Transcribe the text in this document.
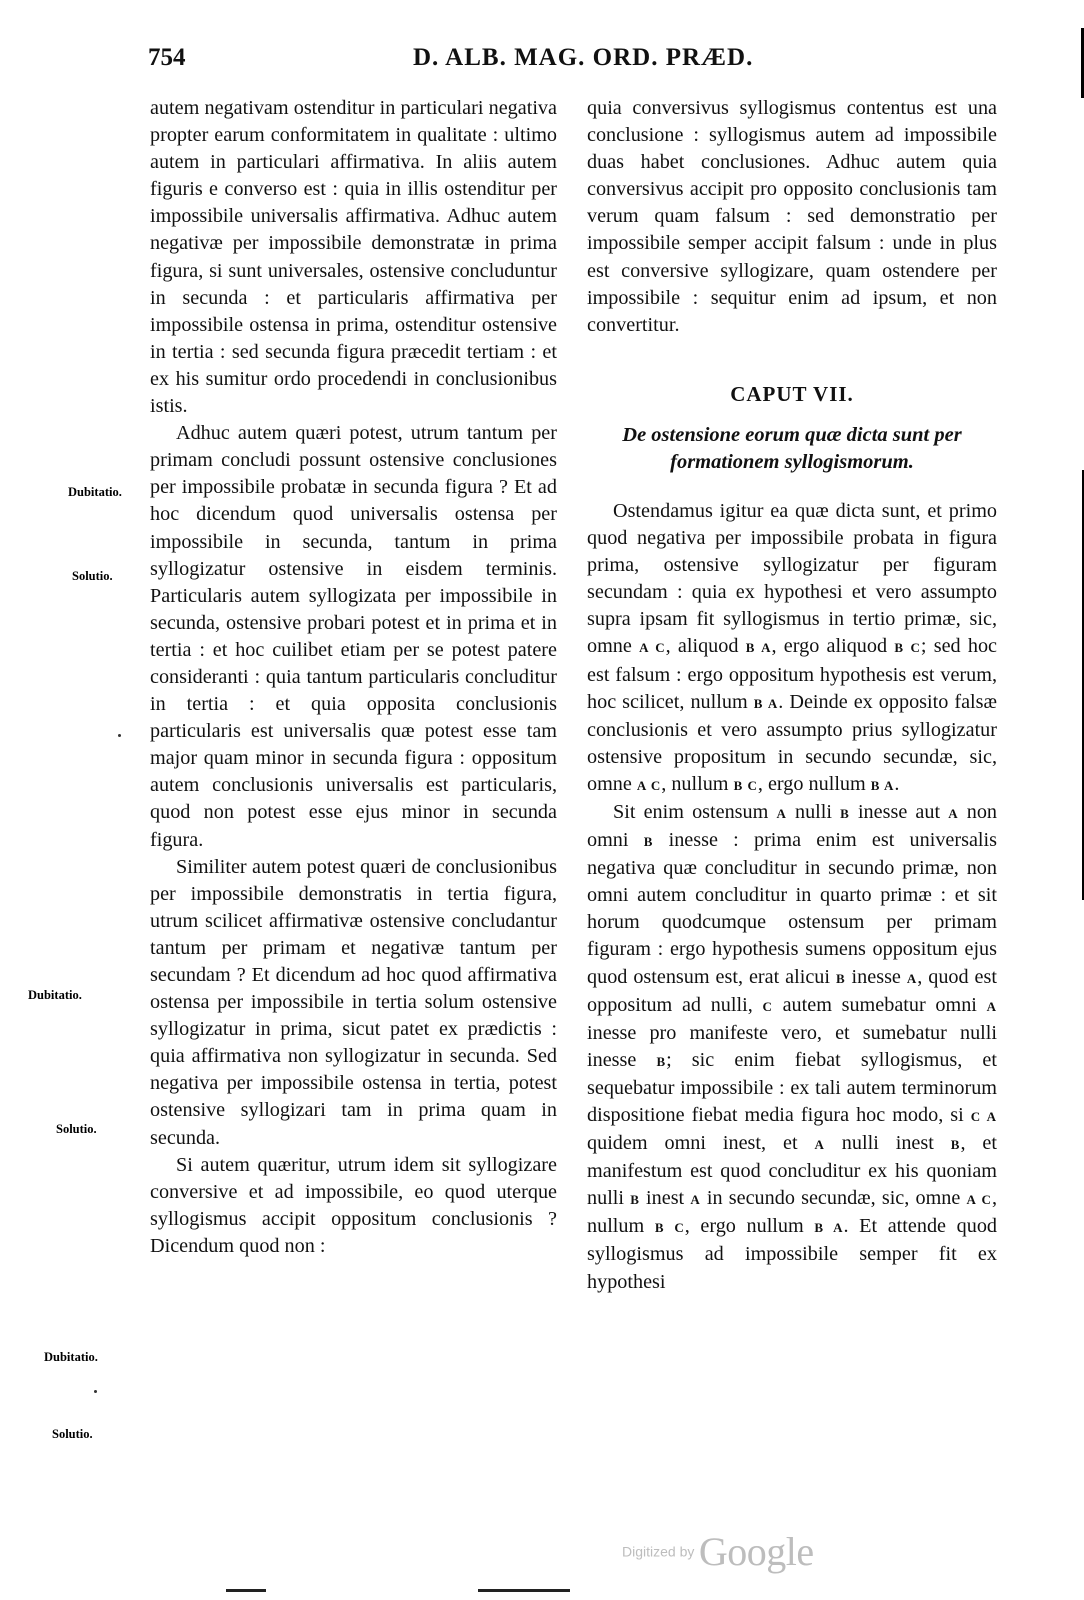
754	D. ALB. MAG. ORD. PRÆD.
Dubitatio.
Solutio.
Dubitatio.
Solutio.
Dubitatio.
Solutio.

autem negativam ostenditur in particulari negativa propter earum conformitatem in qualitate : ultimo autem in particulari affirmativa. In aliis autem figuris e converso est : quia in illis ostenditur per impossibile universalis affirmativa. Adhuc autem negativæ per impossibile demonstratæ in prima figura, si sunt universales, ostensive concluduntur in secunda : et particularis affirmativa per impossibile ostensa in prima, ostenditur ostensive in tertia : sed secunda figura præcedit tertiam : et ex his sumitur ordo procedendi in conclusionibus istis.

Adhuc autem quæri potest, utrum tantum per primam concludi possunt ostensive conclusiones per impossibile probatæ in secunda figura ? Et ad hoc dicendum quod universalis ostensa per impossibile in secunda, tantum in prima syllogizatur ostensive in eisdem terminis. Particularis autem syllogizata per impossibile in secunda, ostensive probari potest et in prima et in tertia : et hoc cuilibet etiam per se potest patere consideranti : quia tantum particularis concluditur in tertia : et quia opposita conclusionis particularis est universalis quæ potest esse tam major quam minor in secunda figura : oppositum autem conclusionis universalis est particularis, quod non potest esse ejus minor in secunda figura.

Similiter autem potest quæri de conclusionibus per impossibile demonstratis in tertia figura, utrum scilicet affirmativæ ostensive concludantur tantum per primam et negativæ tantum per secundam ? Et dicendum ad hoc quod affirmativa ostensa per impossibile in tertia solum ostensive syllogizatur in prima, sicut patet ex prædictis : quia affirmativa non syllogizatur in secunda. Sed negativa per impossibile ostensa in tertia, potest ostensive syllogizari tam in prima quam in secunda.

Si autem quæritur, utrum idem sit syllogizare conversive et ad impossibile, eo quod uterque syllogismus accipit oppositum conclusionis ? Dicendum quod non :

quia conversivus syllogismus contentus est una conclusione : syllogismus autem ad impossibile duas habet conclusiones. Adhuc autem quia conversivus accipit pro opposito conclusionis tam verum quam falsum : sed demonstratio per impossibile semper accipit falsum : unde in plus est conversive syllogizare, quam ostendere per impossibile : sequitur enim ad ipsum, et non convertitur.

CAPUT VII.

De ostensione eorum quæ dicta sunt per formationem syllogismorum.

Ostendamus igitur ea quæ dicta sunt, et primo quod negativa per impossibile probata in figura prima, ostensive syllogizatur per figuram secundam : quia ex hypothesi et vero assumpto supra ipsam fit syllogismus in tertio primæ, sic, omne A C, aliquod B A, ergo aliquod B C; sed hoc est falsum : ergo oppositum hypothesis est verum, hoc scilicet, nullum B A. Deinde ex opposito falsæ conclusionis et vero assumpto prius syllogizatur ostensive propositum in secundo secundæ, sic, omne A C, nullum B C, ergo nullum B A.

Sit enim ostensum A nulli B inesse aut A non omni B inesse : prima enim est universalis negativa quæ concluditur in secundo primæ, non omni autem concluditur in quarto primæ : et sit horum quodcumque ostensum per primam figuram : ergo hypothesis sumens oppositum ejus quod ostensum est, erat alicui B inesse A, quod est oppositum ad nulli, C autem sumebatur omni A inesse pro manifeste vero, et sumebatur nulli inesse B; sic enim fiebat syllogismus, et sequebatur impossibile : ex tali autem terminorum dispositione fiebat media figura hoc modo, si C A quidem omni inest, et A nulli inest B, et manifestum est quod concluditur ex his quoniam nulli B inest A in secundo secundæ, sic, omne A C, nullum B C, ergo nullum B A. Et attende quod syllogismus ad impossibile semper fit ex hypothesi

Digitized by Google
